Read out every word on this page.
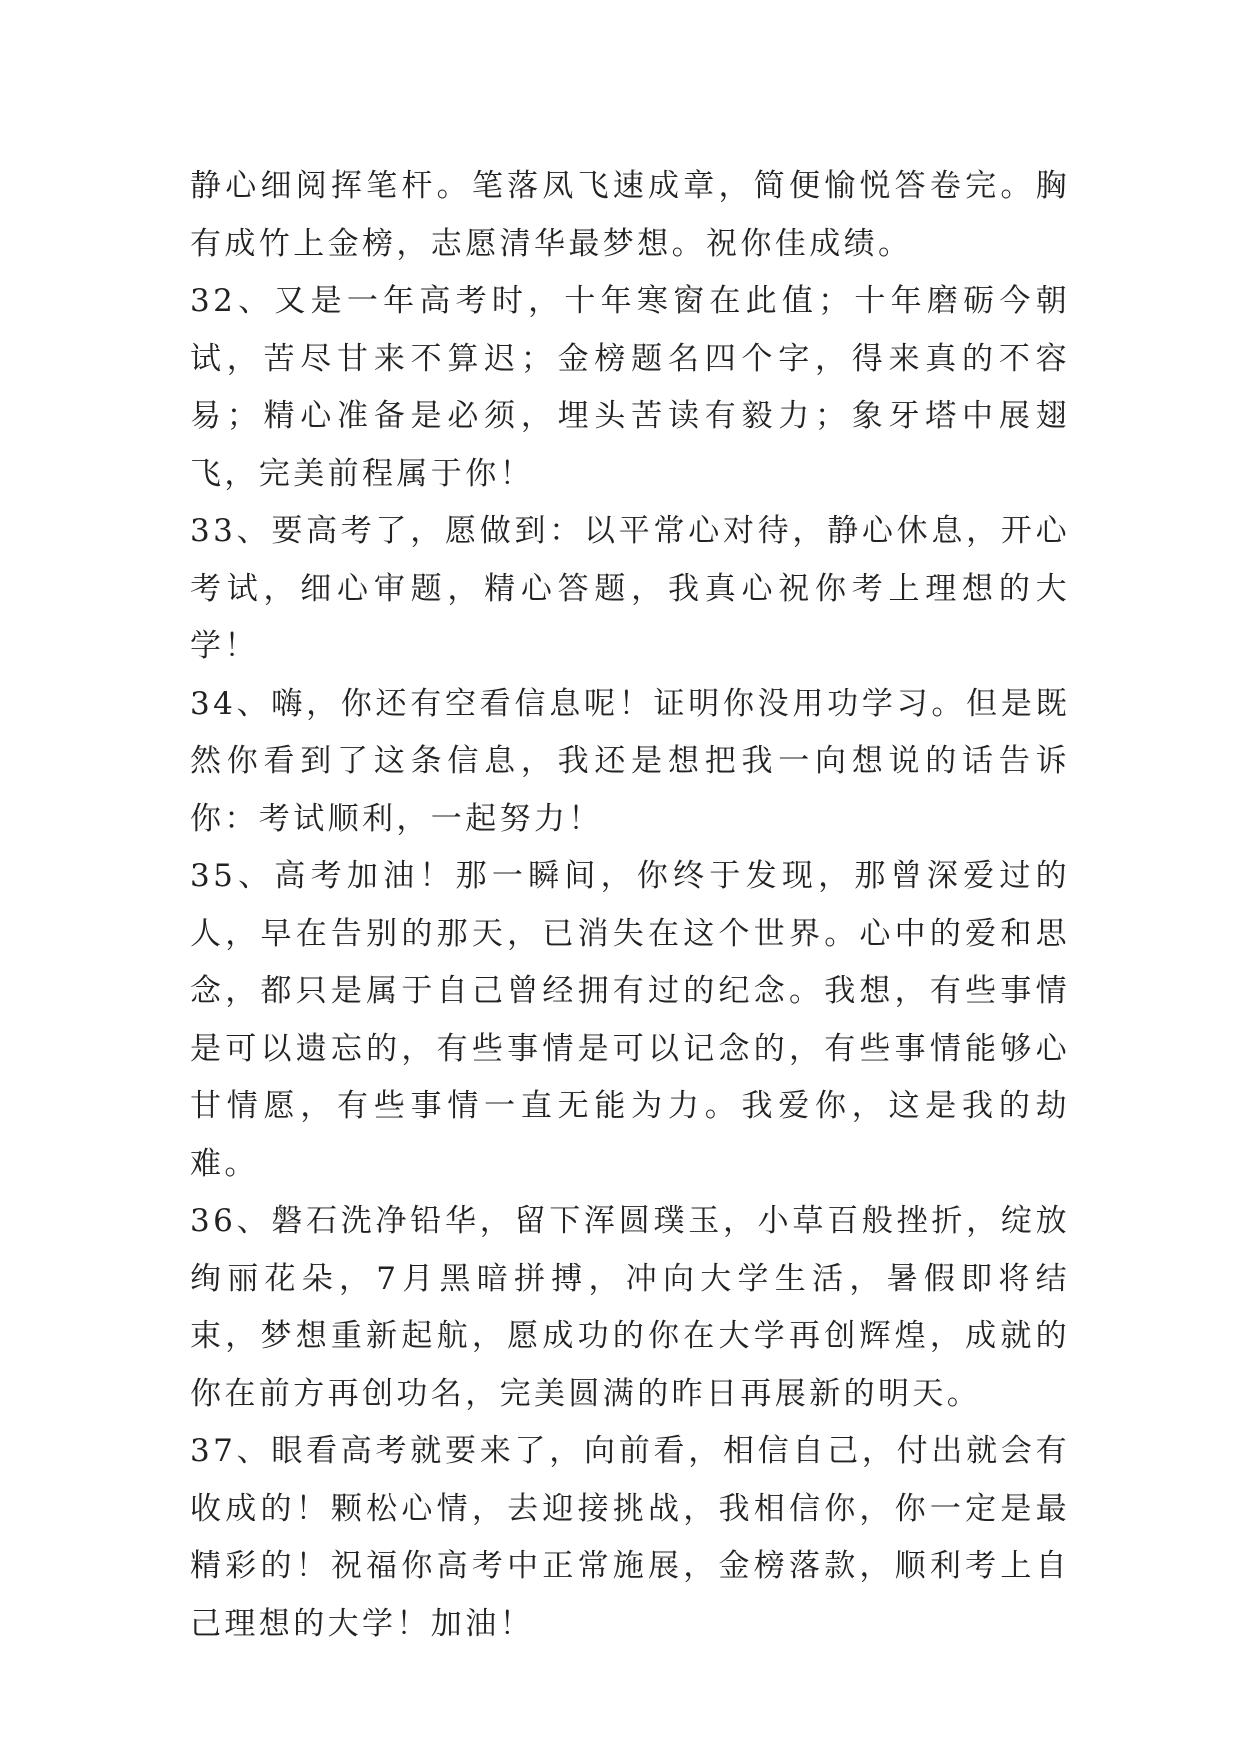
静心细阅挥笔杆。笔落凤飞速成章，简便愉悦答卷完。胸有成竹上金榜，志愿清华最梦想。祝你佳成绩。

32、又是一年高考时，十年寒窗在此值；十年磨砺今朝试，苦尽甘来不算迟；金榜题名四个字，得来真的不容易；精心准备是必须，埋头苦读有毅力；象牙塔中展翅飞，完美前程属于你！

33、要高考了，愿做到：以平常心对待，静心休息，开心考试，细心审题，精心答题，我真心祝你考上理想的大学！

34、嗨，你还有空看信息呢！证明你没用功学习。但是既然你看到了这条信息，我还是想把我一向想说的话告诉你：考试顺利，一起努力！

35、高考加油！那一瞬间，你终于发现，那曾深爱过的人，早在告别的那天，已消失在这个世界。心中的爱和思念，都只是属于自己曾经拥有过的纪念。我想，有些事情是可以遗忘的，有些事情是可以记念的，有些事情能够心甘情愿，有些事情一直无能为力。我爱你，这是我的劫难。

36、磐石洗净铅华，留下浑圆璞玉，小草百般挫折，绽放绚丽花朵，7月黑暗拼搏，冲向大学生活，暑假即将结束，梦想重新起航，愿成功的你在大学再创辉煌，成就的你在前方再创功名，完美圆满的昨日再展新的明天。

37、眼看高考就要来了，向前看，相信自己，付出就会有收成的！颗松心情，去迎接挑战，我相信你，你一定是最精彩的！祝福你高考中正常施展，金榜落款，顺利考上自己理想的大学！加油！
